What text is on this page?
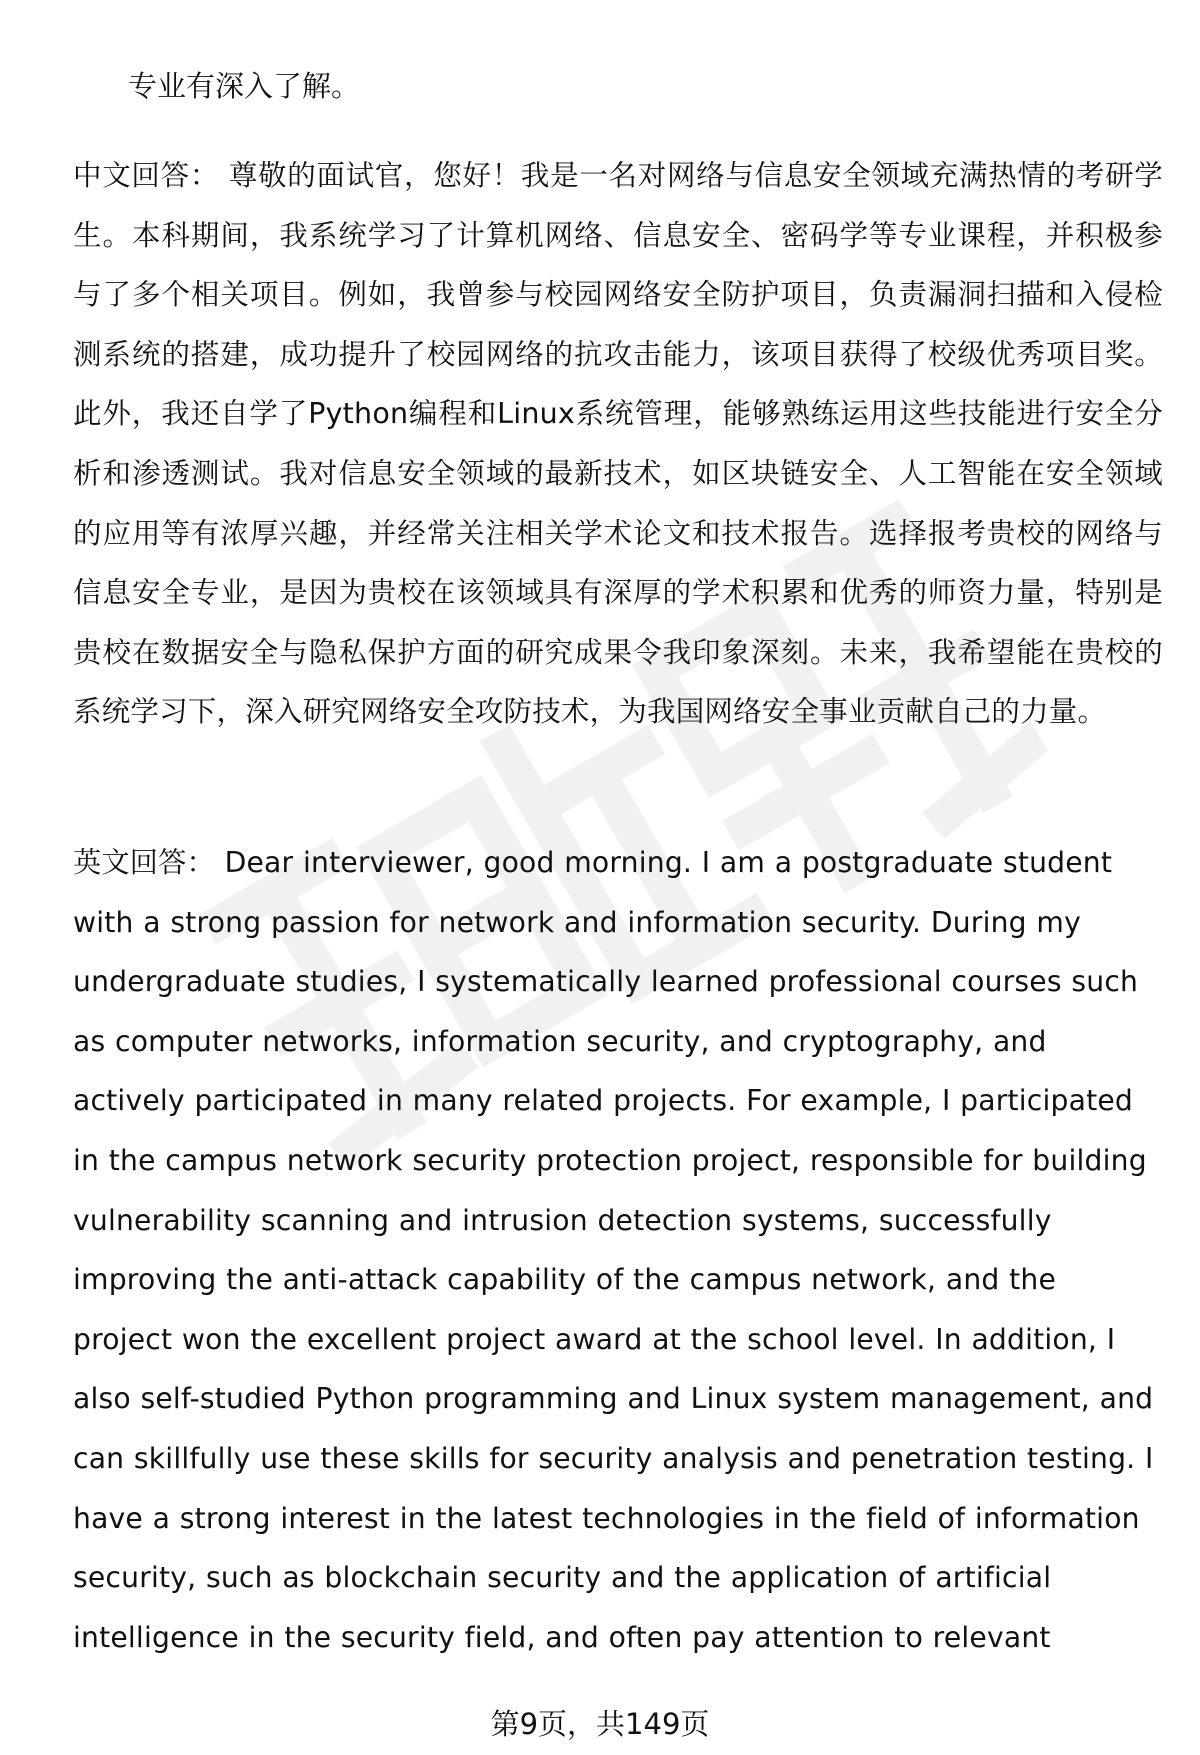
专业有深入了解。

中文回答： 尊敬的面试官，您好！我是一名对网络与信息安全领域充满热情的考研学生。本科期间，我系统学习了计算机网络、信息安全、密码学等专业课程，并积极参与了多个相关项目。例如，我曾参与校园网络安全防护项目，负责漏洞扫描和入侵检测系统的搭建，成功提升了校园网络的抗攻击能力，该项目获得了校级优秀项目奖。此外，我还自学了Python编程和Linux系统管理，能够熟练运用这些技能进行安全分析和渗透测试。我对信息安全领域的最新技术，如区块链安全、人工智能在安全领域的应用等有浓厚兴趣，并经常关注相关学术论文和技术报告。选择报考贵校的网络与信息安全专业，是因为贵校在该领域具有深厚的学术积累和优秀的师资力量，特别是贵校在数据安全与隐私保护方面的研究成果令我印象深刻。未来，我希望能在贵校的系统学习下，深入研究网络安全攻防技术，为我国网络安全事业贡献自己的力量。

英文回答： Dear interviewer, good morning. I am a postgraduate student with a strong passion for network and information security. During my undergraduate studies, I systematically learned professional courses such as computer networks, information security, and cryptography, and actively participated in many related projects. For example, I participated in the campus network security protection project, responsible for building vulnerability scanning and intrusion detection systems, successfully improving the anti-attack capability of the campus network, and the project won the excellent project award at the school level. In addition, I also self-studied Python programming and Linux system management, and can skillfully use these skills for security analysis and penetration testing. I have a strong interest in the latest technologies in the field of information security, such as blockchain security and the application of artificial intelligence in the security field, and often pay attention to relevant

第9页，共149页
